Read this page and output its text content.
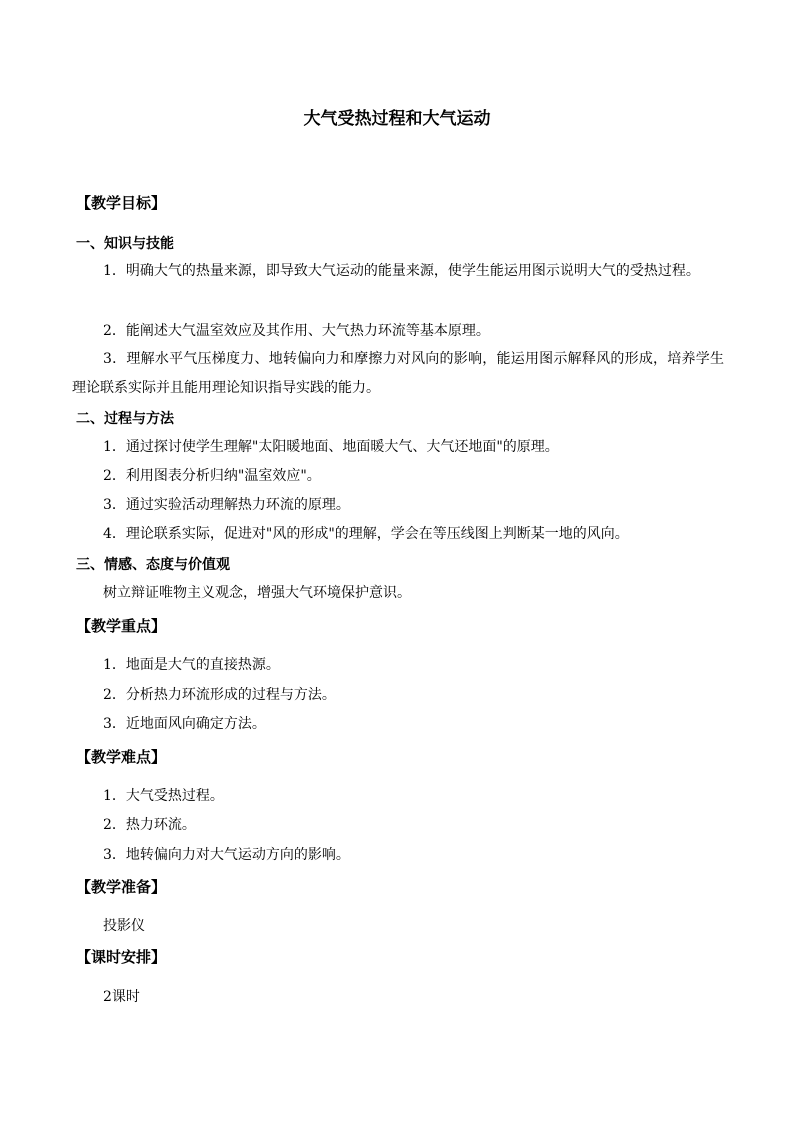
大气受热过程和大气运动
【教学目标】
一、知识与技能
1．明确大气的热量来源，即导致大气运动的能量来源，使学生能运用图示说明大气的受热过程。
2．能阐述大气温室效应及其作用、大气热力环流等基本原理。
3．理解水平气压梯度力、地转偏向力和摩擦力对风向的影响，能运用图示解释风的形成，培养学生理论联系实际并且能用理论知识指导实践的能力。
二、过程与方法
1．通过探讨使学生理解"太阳暖地面、地面暖大气、大气还地面"的原理。
2．利用图表分析归纳"温室效应"。
3．通过实验活动理解热力环流的原理。
4．理论联系实际，促进对"风的形成"的理解，学会在等压线图上判断某一地的风向。
三、情感、态度与价值观
树立辩证唯物主义观念，增强大气环境保护意识。
【教学重点】
1．地面是大气的直接热源。
2．分析热力环流形成的过程与方法。
3．近地面风向确定方法。
【教学难点】
1．大气受热过程。
2．热力环流。
3．地转偏向力对大气运动方向的影响。
【教学准备】
投影仪
【课时安排】
2课时
